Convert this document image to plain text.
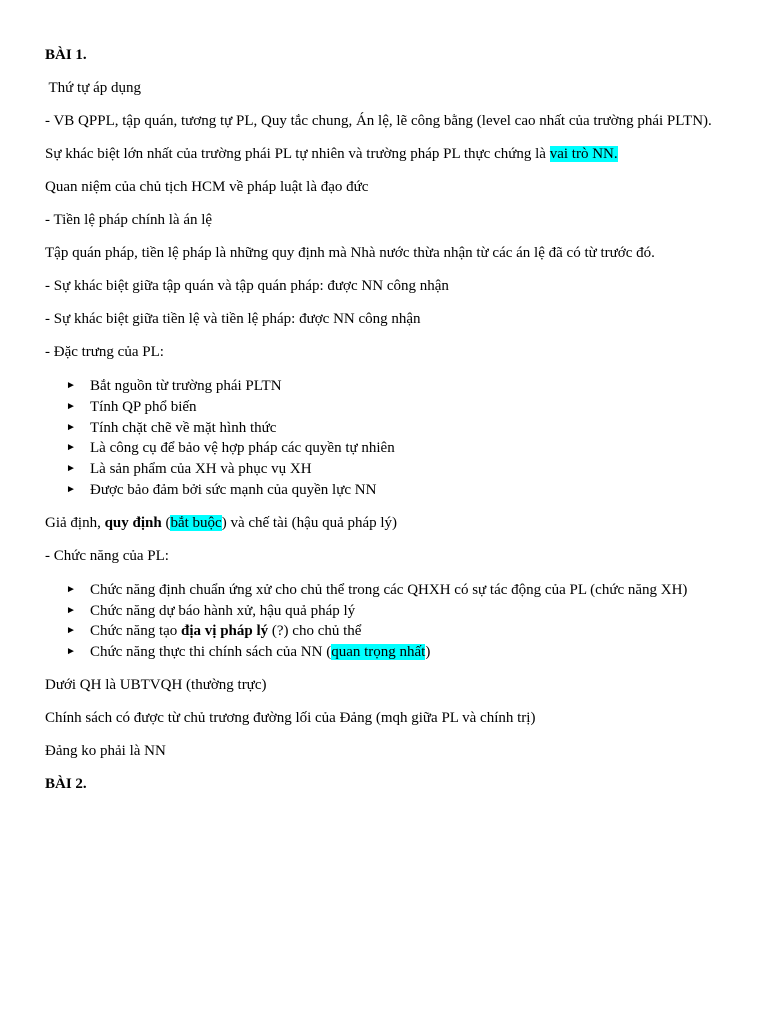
BÀI 1.

Thứ tự áp dụng

- VB QPPL, tập quán, tương tự PL, Quy tắc chung, Án lệ, lẽ công bằng (level cao nhất của trường phái PLTN).

Sự khác biệt lớn nhất của trường phái PL tự nhiên và trường pháp PL thực chứng là vai trò NN.

Quan niệm của chủ tịch HCM về pháp luật là đạo đức

- Tiền lệ pháp chính là án lệ

Tập quán pháp, tiền lệ pháp là những quy định mà Nhà nước thừa nhận từ các án lệ đã có từ trước đó.

- Sự khác biệt giữa tập quán và tập quán pháp: được NN công nhận

- Sự khác biệt giữa tiền lệ và tiền lệ pháp: được NN công nhận

- Đặc trưng của PL:

► Bắt nguồn từ trường phái PLTN
► Tính QP phổ biến
► Tính chặt chẽ về mặt hình thức
► Là công cụ để bảo vệ hợp pháp các quyền tự nhiên
► Là sản phẩm của XH và phục vụ XH
► Được bảo đảm bởi sức mạnh của quyền lực NN

Giả định, quy định (bắt buộc) và chế tài (hậu quả pháp lý)

- Chức năng của PL:

► Chức năng định chuẩn ứng xử cho chủ thể trong các QHXH có sự tác động của PL (chức năng XH)
► Chức năng dự báo hành xử, hậu quả pháp lý
► Chức năng tạo địa vị pháp lý (?) cho chủ thể
► Chức năng thực thi chính sách của NN (quan trọng nhất)

Dưới QH là UBTVQH (thường trực)

Chính sách có được từ chủ trương đường lối của Đảng (mqh giữa PL và chính trị)

Đảng ko phải là NN

BÀI 2.
